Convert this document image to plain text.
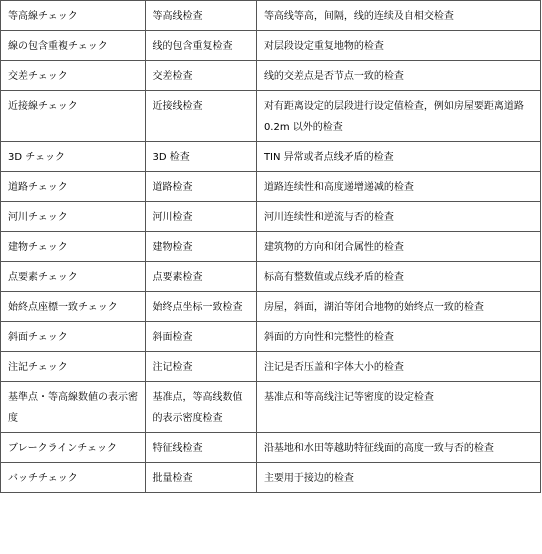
等高線チェック	等高线检查	等高线等高，间隔，线的连续及自相交检查
線の包含重複チェック	线的包含重复检查	对层段设定重复地物的检查
交差チェック	交差检查	线的交差点是否节点一致的检查
近接線チェック	近接线检查	对有距离设定的层段进行设定值检查，例如房屋要距离道路 0.2m 以外的检查
3D チェック	3D 检查	TIN 异常或者点线矛盾的检查
道路チェック	道路检查	道路连续性和高度递增递减的检查
河川チェック	河川检查	河川连续性和逆流与否的检查
建物チェック	建物检查	建筑物的方向和闭合属性的检查
点要素チェック	点要素检查	标高有整数值或点线矛盾的检查
始終点座標一致チェック	始终点坐标一致检查	房屋，斜面，湖泊等闭合地物的始终点一致的检查
斜面チェック	斜面检查	斜面的方向性和完整性的检查
注記チェック	注记检查	注记是否压盖和字体大小的检查
基準点・等高線数値の表示密度	基准点，等高线数值的表示密度检查	基准点和等高线注记等密度的设定检查
ブレークラインチェック	特征线检查	沿基地和水田等越助特征线面的高度一致与否的检查
バッチチェック	批量检查	主要用于接边的检查
